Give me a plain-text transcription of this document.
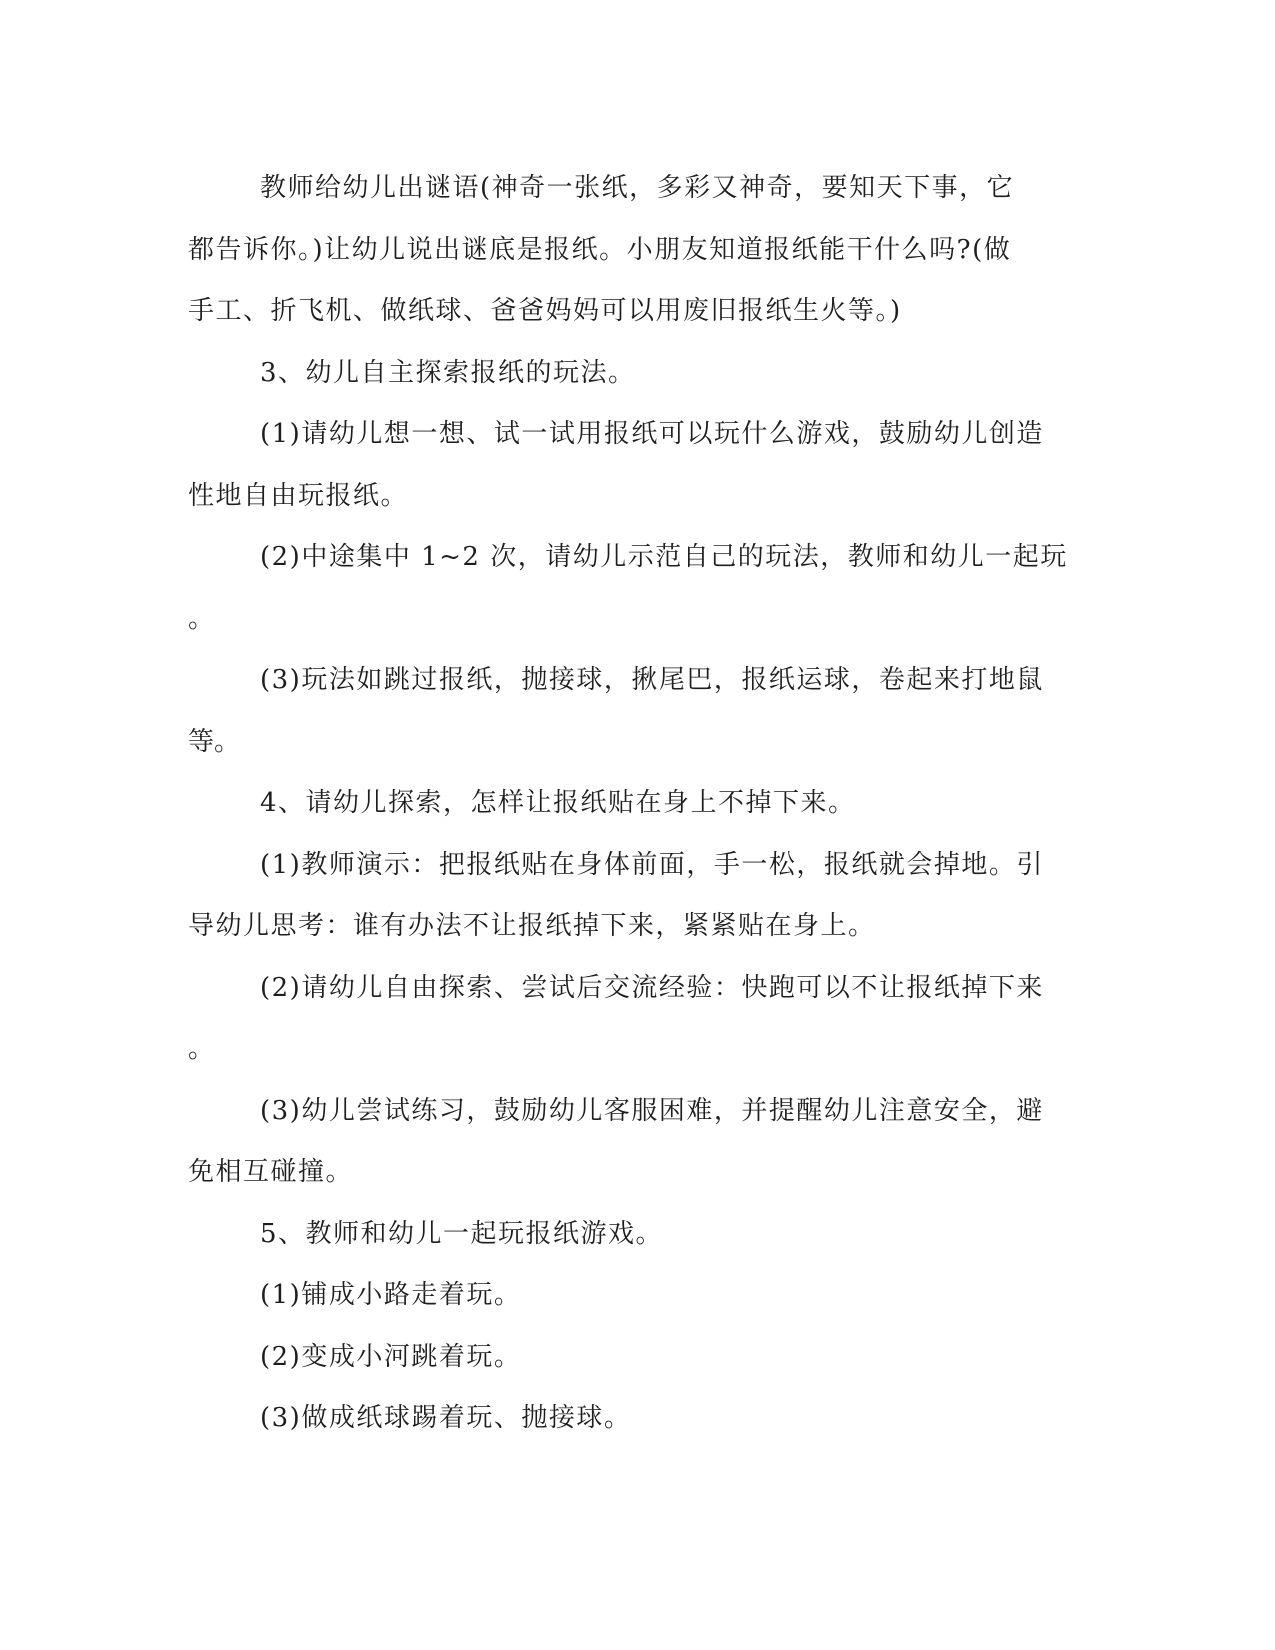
教师给幼儿出谜语(神奇一张纸，多彩又神奇，要知天下事，它
都告诉你。)让幼儿说出谜底是报纸。小朋友知道报纸能干什么吗?(做
手工、折飞机、做纸球、爸爸妈妈可以用废旧报纸生火等。)
3、幼儿自主探索报纸的玩法。
(1)请幼儿想一想、试一试用报纸可以玩什么游戏，鼓励幼儿创造
性地自由玩报纸。
(2)中途集中 1~2 次，请幼儿示范自己的玩法，教师和幼儿一起玩
。
(3)玩法如跳过报纸，抛接球，揪尾巴，报纸运球，卷起来打地鼠
等。
4、请幼儿探索，怎样让报纸贴在身上不掉下来。
(1)教师演示：把报纸贴在身体前面，手一松，报纸就会掉地。引
导幼儿思考：谁有办法不让报纸掉下来，紧紧贴在身上。
(2)请幼儿自由探索、尝试后交流经验：快跑可以不让报纸掉下来
。
(3)幼儿尝试练习，鼓励幼儿客服困难，并提醒幼儿注意安全，避
免相互碰撞。
5、教师和幼儿一起玩报纸游戏。
(1)铺成小路走着玩。
(2)变成小河跳着玩。
(3)做成纸球踢着玩、抛接球。
